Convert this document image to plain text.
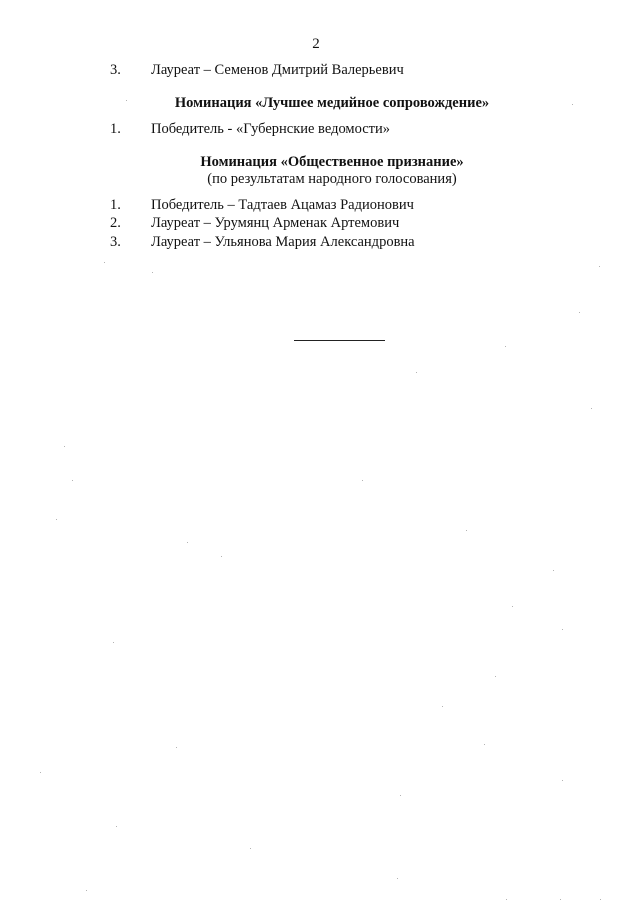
2
3. Лауреат – Семенов Дмитрий Валерьевич
Номинация «Лучшее медийное сопровождение»
1. Победитель - «Губернские ведомости»
Номинация «Общественное признание»
(по результатам народного голосования)
1. Победитель – Тадтаев Ацамаз Радионович
2. Лауреат – Урумянц Арменак Артемович
3. Лауреат – Ульянова Мария Александровна
